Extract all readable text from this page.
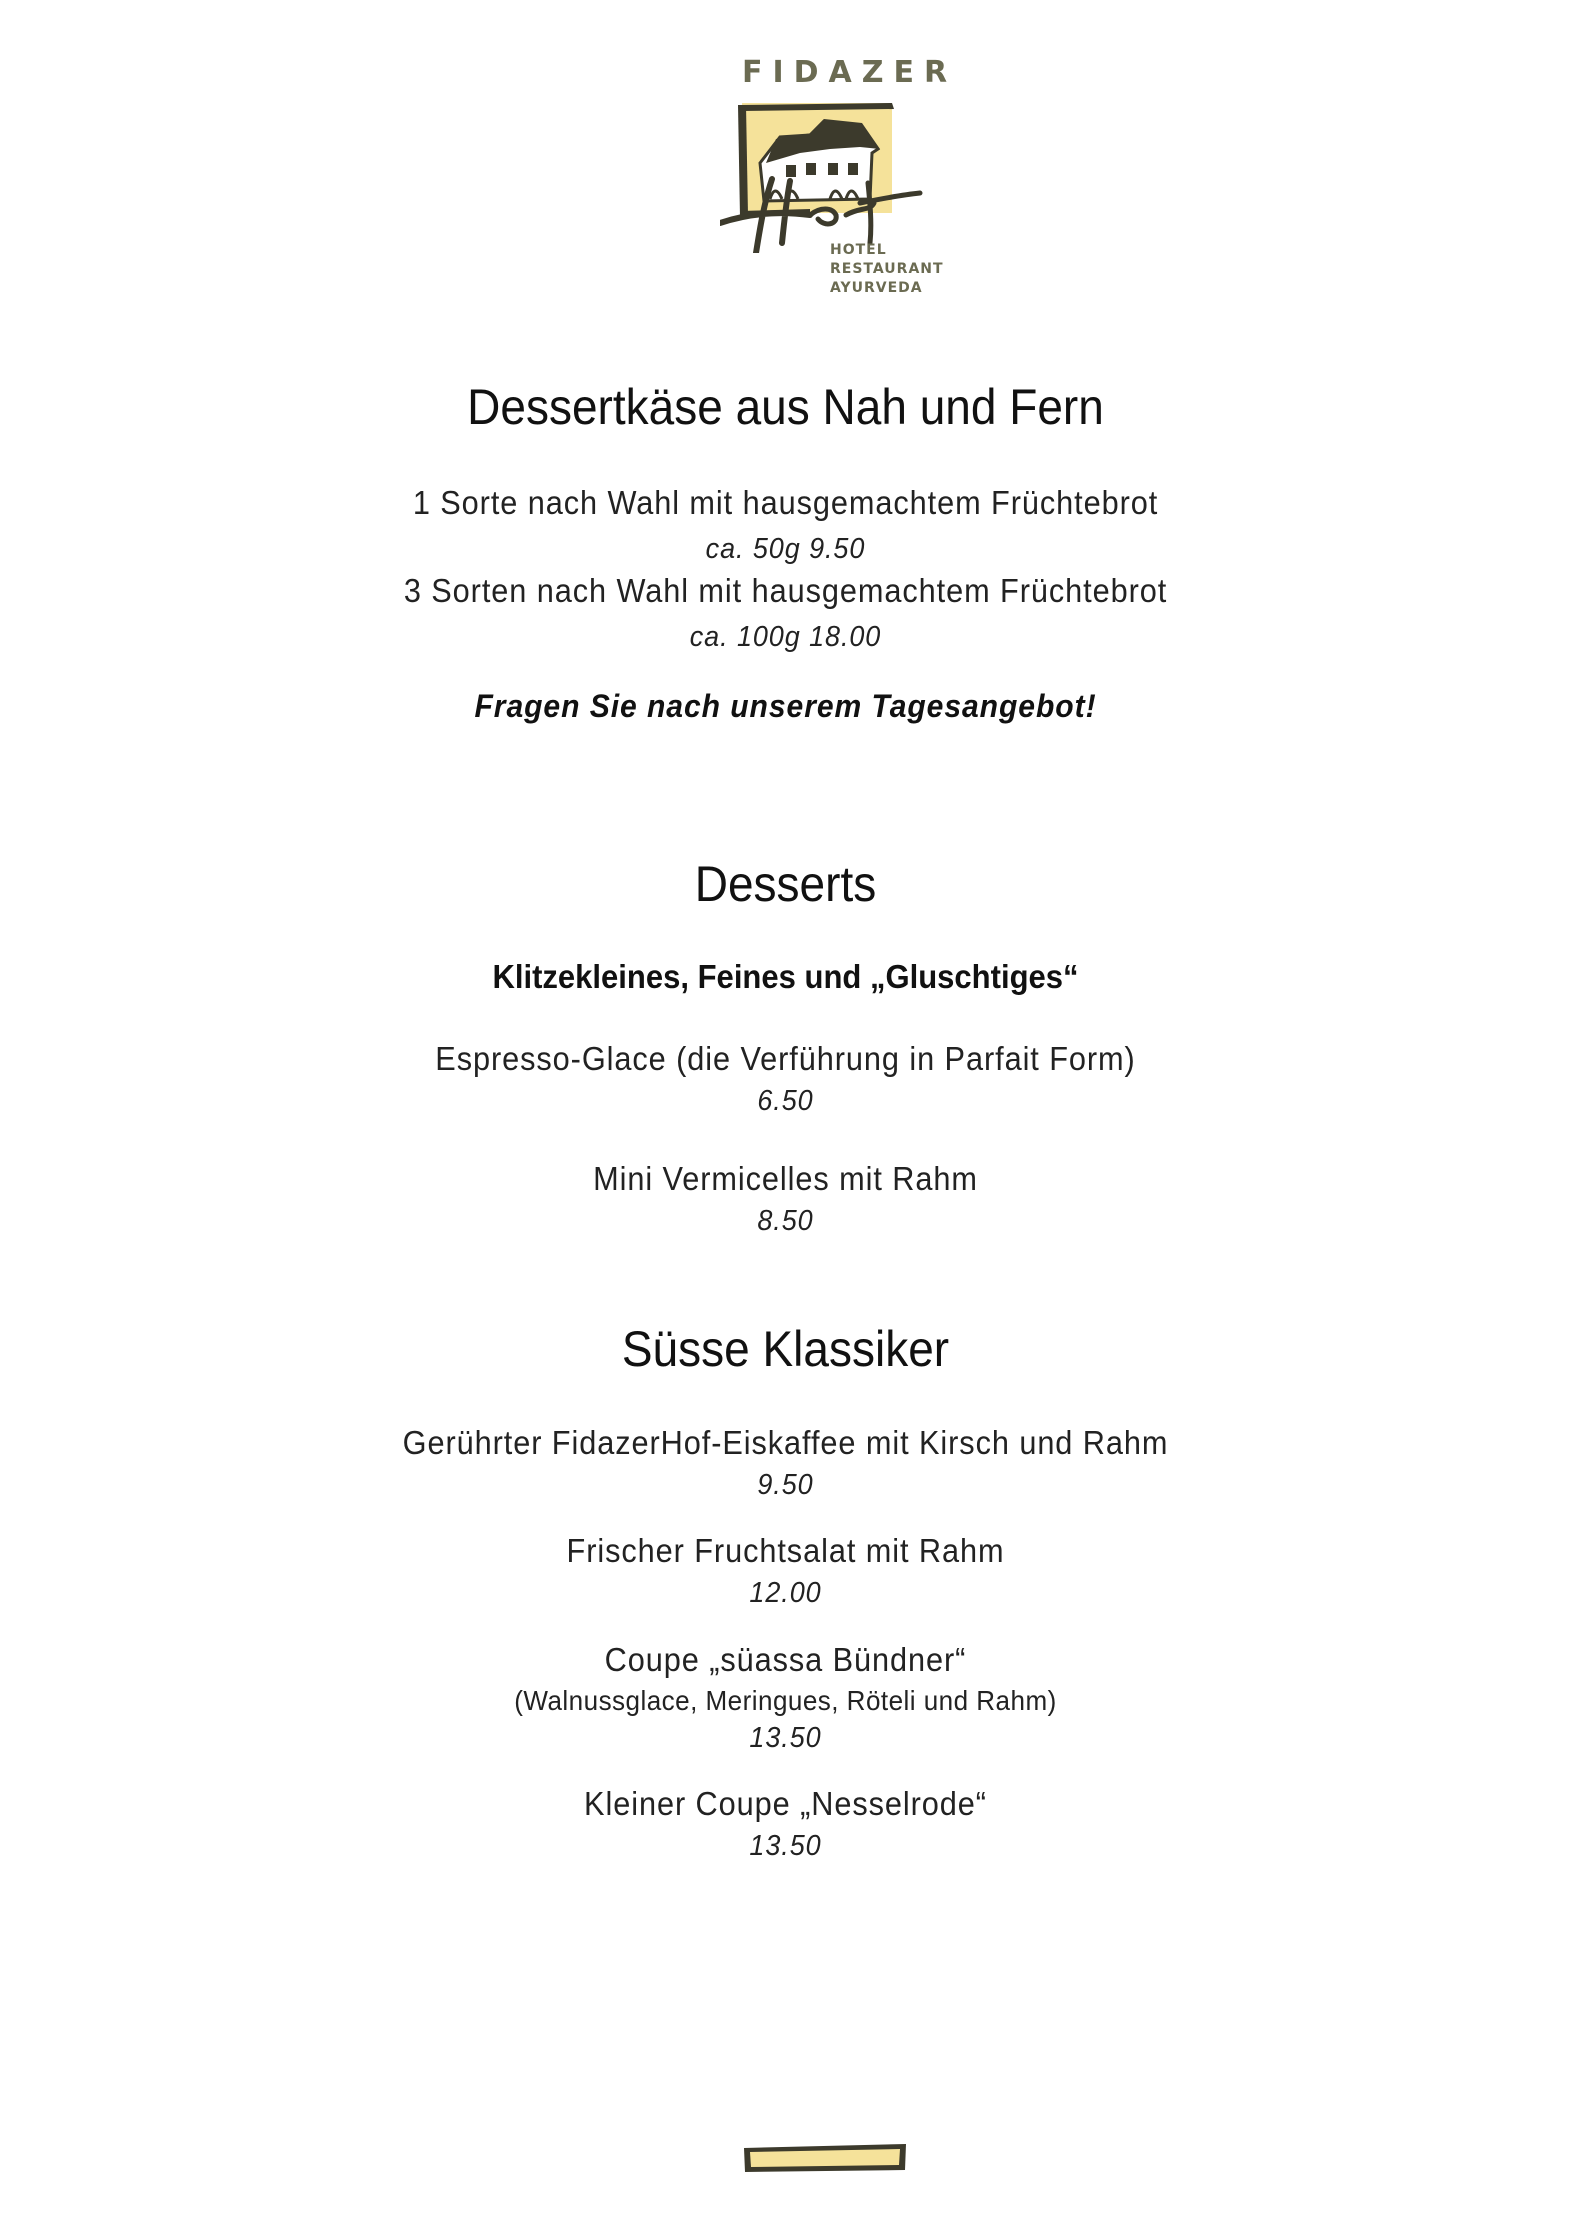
FIDAZER
HOTEL
RESTAURANT
AYURVEDA
Dessertkäse aus Nah und Fern
1 Sorte nach Wahl mit hausgemachtem Früchtebrot
ca. 50g 9.50
3 Sorten nach Wahl mit hausgemachtem Früchtebrot
ca. 100g 18.00
Fragen Sie nach unserem Tagesangebot!
Desserts
Klitzekleines, Feines und „Gluschtiges“
Espresso-Glace (die Verführung in Parfait Form)
6.50
Mini Vermicelles mit Rahm
8.50
Süsse Klassiker
Gerührter FidazerHof-Eiskaffee mit Kirsch und Rahm
9.50
Frischer Fruchtsalat mit Rahm
12.00
Coupe „süassa Bündner“
(Walnussglace, Meringues, Röteli und Rahm)
13.50
Kleiner Coupe „Nesselrode“
13.50
